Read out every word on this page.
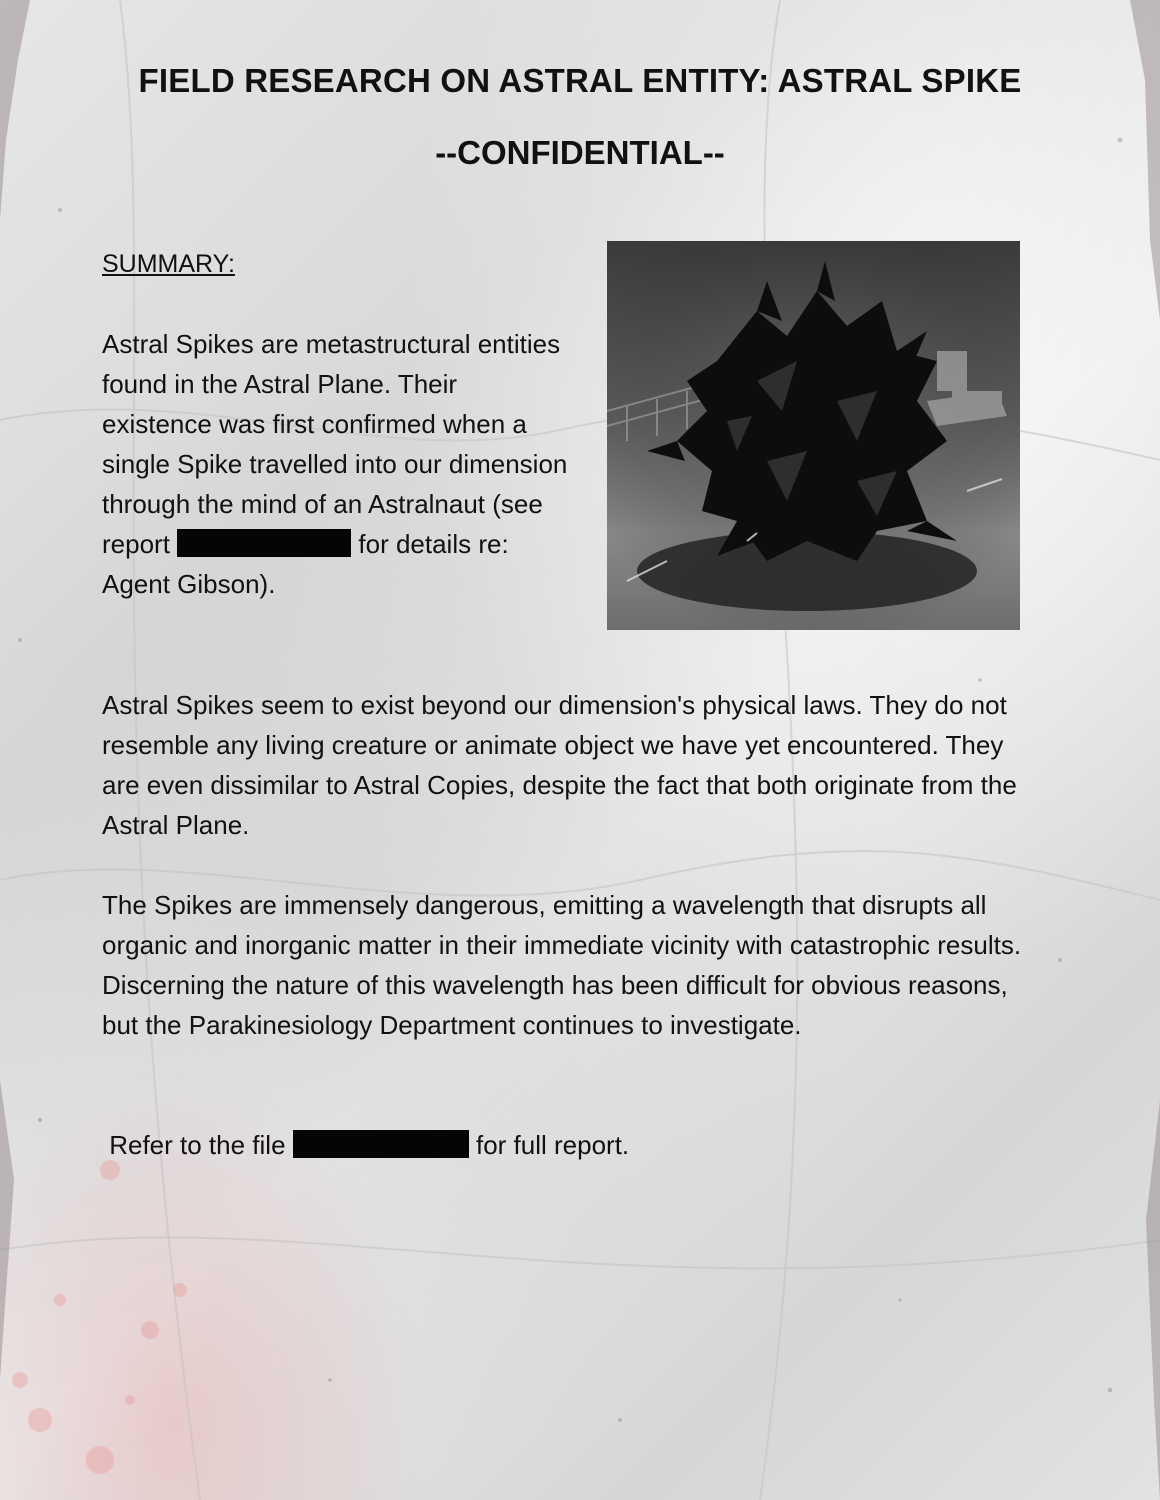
FIELD RESEARCH ON ASTRAL ENTITY: ASTRAL SPIKE
--CONFIDENTIAL--

SUMMARY:

Astral Spikes are metastructural entities found in the Astral Plane. Their existence was first confirmed when a single Spike travelled into our dimension through the mind of an Astralnaut (see report	for details re: Agent Gibson).

Astral Spikes seem to exist beyond our dimension's physical laws. They do not resemble any living creature or animate object we have yet encountered. They are even dissimilar to Astral Copies, despite the fact that both originate from the Astral Plane.

The Spikes are immensely dangerous, emitting a wavelength that disrupts all organic and inorganic matter in their immediate vicinity with catastrophic results. Discerning the nature of this wavelength has been difficult for obvious reasons, but the Parakinesiology Department continues to investigate.

Refer to the file	for full report.
